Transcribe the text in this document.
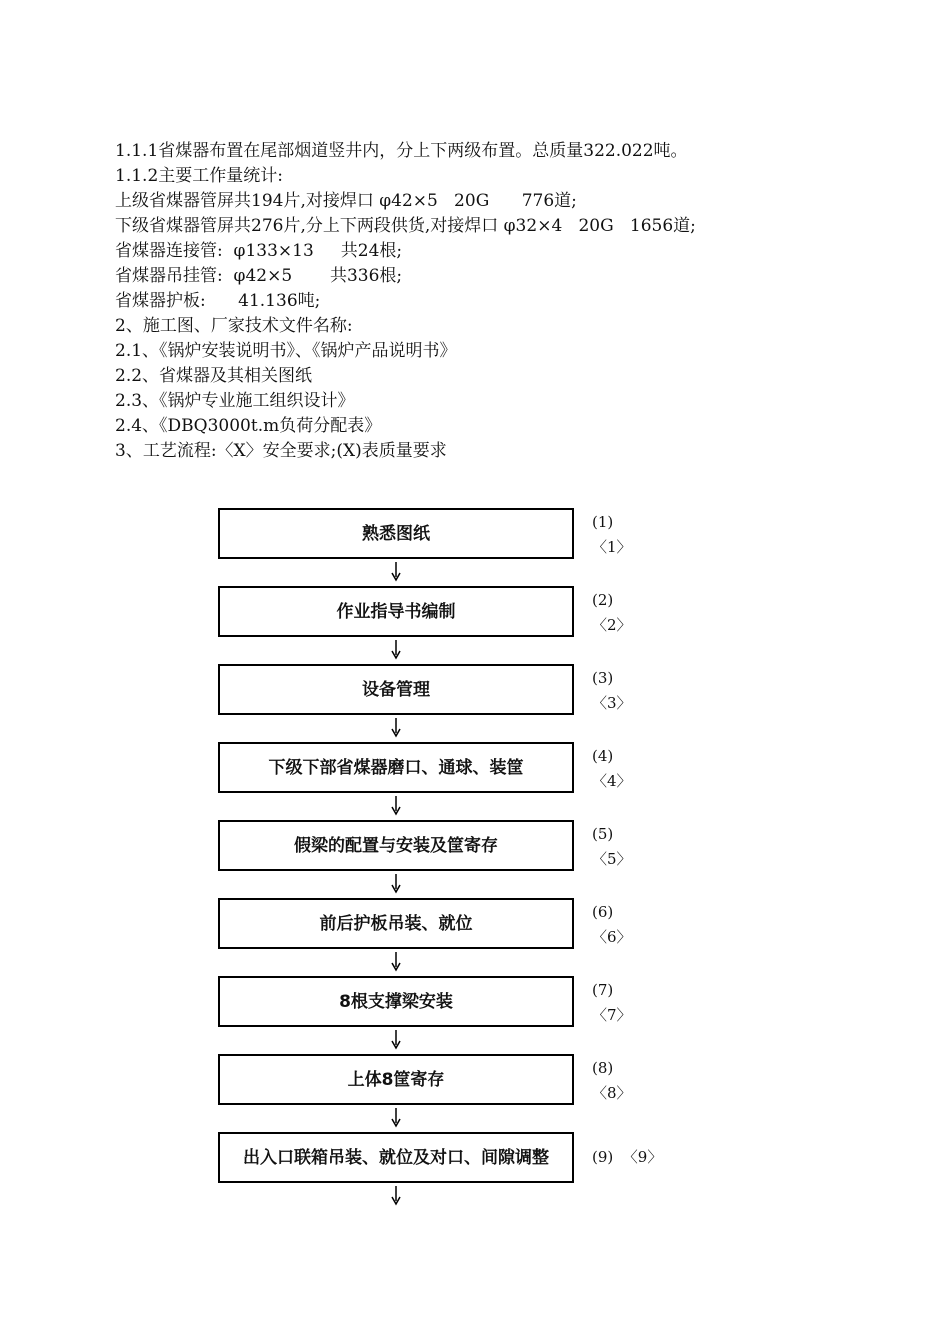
1.1.1省煤器布置在尾部烟道竖井内，分上下两级布置。总质量322.022吨。
1.1.2主要工作量统计:
上级省煤器管屏共194片,对接焊口 φ42×5   20G      776道;
下级省煤器管屏共276片,分上下两段供货,对接焊口 φ32×4   20G   1656道;
省煤器连接管:  φ133×13     共24根;
省煤器吊挂管:  φ42×5       共336根;
省煤器护板:      41.136吨;
2、施工图、厂家技术文件名称:
2.1、《锅炉安装说明书》、《锅炉产品说明书》
2.2、省煤器及其相关图纸
2.3、《锅炉专业施工组织设计》
2.4、《DBQ3000t.m负荷分配表》
3、工艺流程:〈X〉安全要求;(X)表质量要求
熟悉图纸
(1)
〈1〉
作业指导书编制
(2)
〈2〉
设备管理
(3)
〈3〉
下级下部省煤器磨口、通球、装筐
(4)
〈4〉
假梁的配置与安装及筐寄存
(5)
〈5〉
前后护板吊装、就位
(6)
〈6〉
8根支撑梁安装
(7)
〈7〉
上体8筐寄存
(8)
〈8〉
出入口联箱吊装、就位及对口、间隙调整	(9) 〈9〉
